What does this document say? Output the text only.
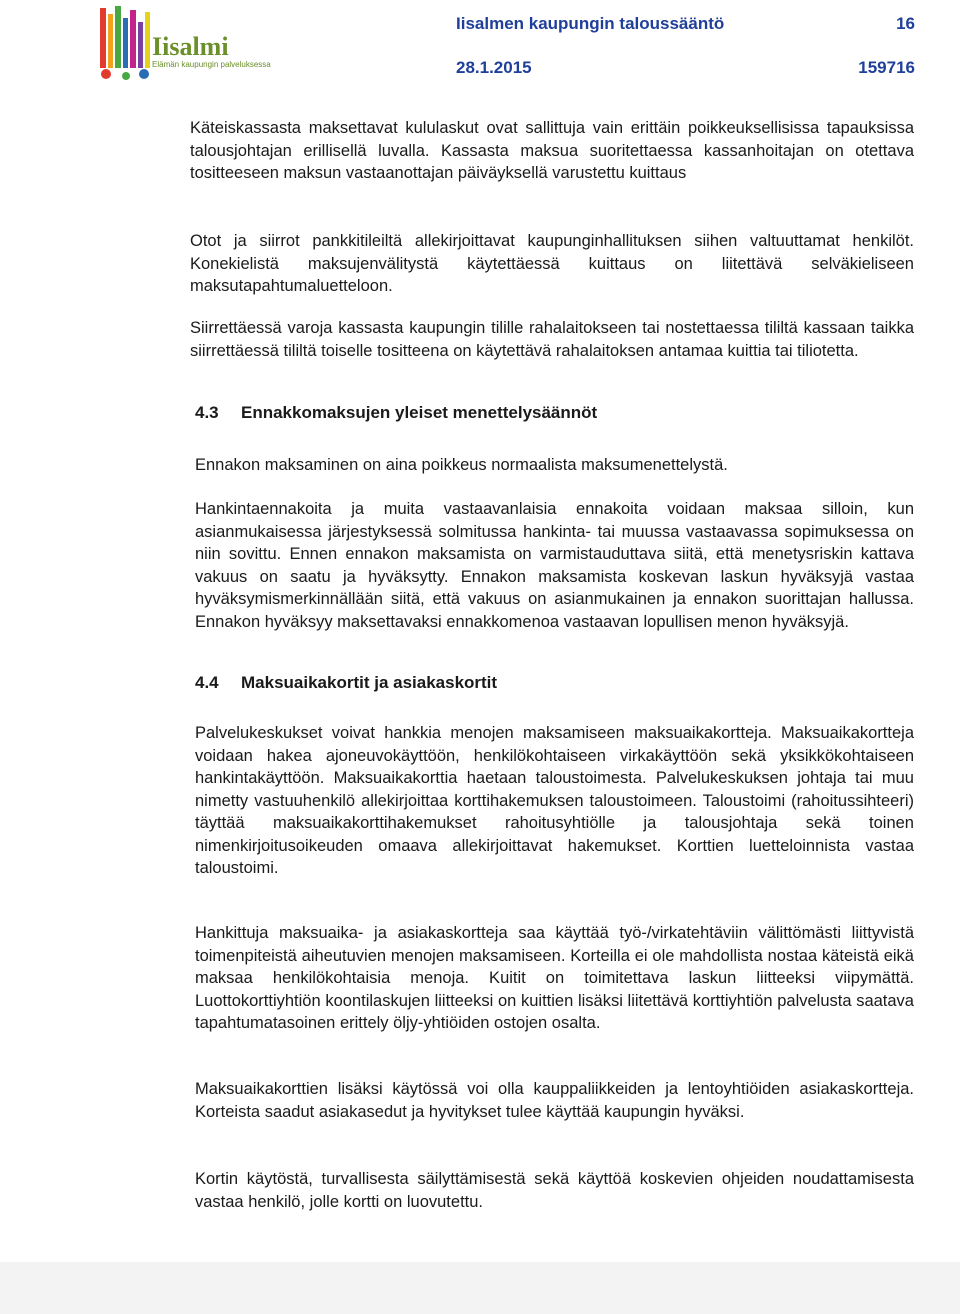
Iisalmi
Elämän kaupungin palveluksessa
Iisalmen kaupungin taloussääntö	16
28.1.2015	159716

Käteiskassasta maksettavat kululaskut ovat sallittuja vain erittäin poikkeuksellisissa tapauksissa talousjohtajan erillisellä luvalla. Kassasta maksua suoritettaessa kassanhoitajan on otettava tositteeseen maksun vastaanottajan päiväyksellä varustettu kuittaus

Otot ja siirrot pankkitileiltä allekirjoittavat kaupunginhallituksen siihen valtuuttamat henkilöt. Konekielistä maksujenvälitystä käytettäessä kuittaus on liitettävä selväkieliseen maksutapahtumaluetteloon.

Siirrettäessä varoja kassasta kaupungin tilille rahalaitokseen tai nostettaessa tililtä kassaan taikka siirrettäessä tililtä toiselle tositteena on käytettävä rahalaitoksen antamaa kuittia tai tiliotetta.

4.3 Ennakkomaksujen yleiset menettelysäännöt

Ennakon maksaminen on aina poikkeus normaalista maksumenettelystä.

Hankintaennakoita ja muita vastaavanlaisia ennakoita voidaan maksaa silloin, kun asianmukaisessa järjestyksessä solmitussa hankinta- tai muussa vastaavassa sopimuksessa on niin sovittu. Ennen ennakon maksamista on varmistauduttava siitä, että menetysriskin kattava vakuus on saatu ja hyväksytty. Ennakon maksamista koskevan laskun hyväksyjä vastaa hyväksymismerkinnällään siitä, että vakuus on asianmukainen ja ennakon suorittajan hallussa. Ennakon hyväksyy maksettavaksi ennakkomenoa vastaavan lopullisen menon hyväksyjä.

4.4 Maksuaikakortit ja asiakaskortit

Palvelukeskukset voivat hankkia menojen maksamiseen maksuaikakortteja. Maksuaikakortteja voidaan hakea ajoneuvokäyttöön, henkilökohtaiseen virkakäyttöön sekä yksikkökohtaiseen hankintakäyttöön. Maksuaikakorttia haetaan taloustoimesta. Palvelukeskuksen johtaja tai muu nimetty vastuuhenkilö allekirjoittaa korttihakemuksen taloustoimeen. Taloustoimi (rahoitussihteeri) täyttää maksuaikakorttihakemukset rahoitusyhtiölle ja talousjohtaja sekä toinen nimenkirjoitusoikeuden omaava allekirjoittavat hakemukset. Korttien luetteloinnista vastaa taloustoimi.

Hankittuja maksuaika- ja asiakaskortteja saa käyttää työ-/virkatehtäviin välittömästi liittyvistä toimenpiteistä aiheutuvien menojen maksamiseen. Korteilla ei ole mahdollista nostaa käteistä eikä maksaa henkilökohtaisia menoja. Kuitit on toimitettava laskun liitteeksi viipymättä. Luottokorttiyhtiön koontilaskujen liitteeksi on kuittien lisäksi liitettävä korttiyhtiön palvelusta saatava tapahtumatasoinen erittely öljy-yhtiöiden ostojen osalta.

Maksuaikakorttien lisäksi käytössä voi olla kauppaliikkeiden ja lentoyhtiöiden asiakaskortteja. Korteista saadut asiakasedut ja hyvitykset tulee käyttää kaupungin hyväksi.

Kortin käytöstä, turvallisesta säilyttämisestä sekä käyttöä koskevien ohjeiden noudattamisesta vastaa henkilö, jolle kortti on luovutettu.
